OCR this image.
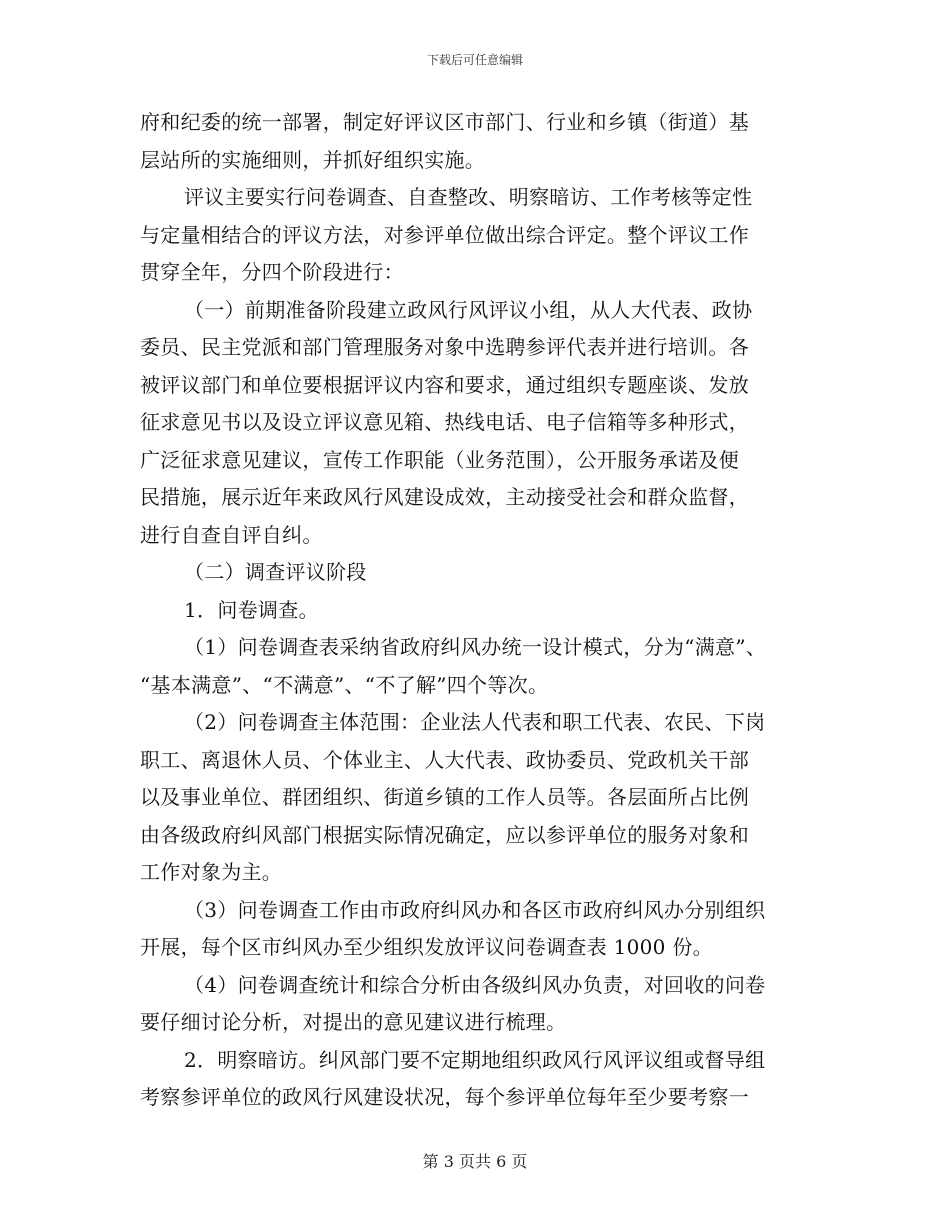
下载后可任意编辑
府和纪委的统一部署，制定好评议区市部门、行业和乡镇（街道）基
层站所的实施细则，并抓好组织实施。
评议主要实行问卷调查、自查整改、明察暗访、工作考核等定性
与定量相结合的评议方法，对参评单位做出综合评定。整个评议工作
贯穿全年，分四个阶段进行：
（一）前期准备阶段建立政风行风评议小组，从人大代表、政协
委员、民主党派和部门管理服务对象中选聘参评代表并进行培训。各
被评议部门和单位要根据评议内容和要求，通过组织专题座谈、发放
征求意见书以及设立评议意见箱、热线电话、电子信箱等多种形式，
广泛征求意见建议，宣传工作职能（业务范围），公开服务承诺及便
民措施，展示近年来政风行风建设成效，主动接受社会和群众监督，
进行自查自评自纠。
（二）调查评议阶段
1．问卷调查。
（1）问卷调查表采纳省政府纠风办统一设计模式，分为“满意”、
“基本满意”、“不满意”、“不了解”四个等次。
（2）问卷调查主体范围：企业法人代表和职工代表、农民、下岗
职工、离退休人员、个体业主、人大代表、政协委员、党政机关干部
以及事业单位、群团组织、街道乡镇的工作人员等。各层面所占比例
由各级政府纠风部门根据实际情况确定，应以参评单位的服务对象和
工作对象为主。
（3）问卷调查工作由市政府纠风办和各区市政府纠风办分别组织
开展，每个区市纠风办至少组织发放评议问卷调查表 1000 份。
（4）问卷调查统计和综合分析由各级纠风办负责，对回收的问卷
要仔细讨论分析，对提出的意见建议进行梳理。
2．明察暗访。纠风部门要不定期地组织政风行风评议组或督导组
考察参评单位的政风行风建设状况，每个参评单位每年至少要考察一
第 3 页共 6 页
